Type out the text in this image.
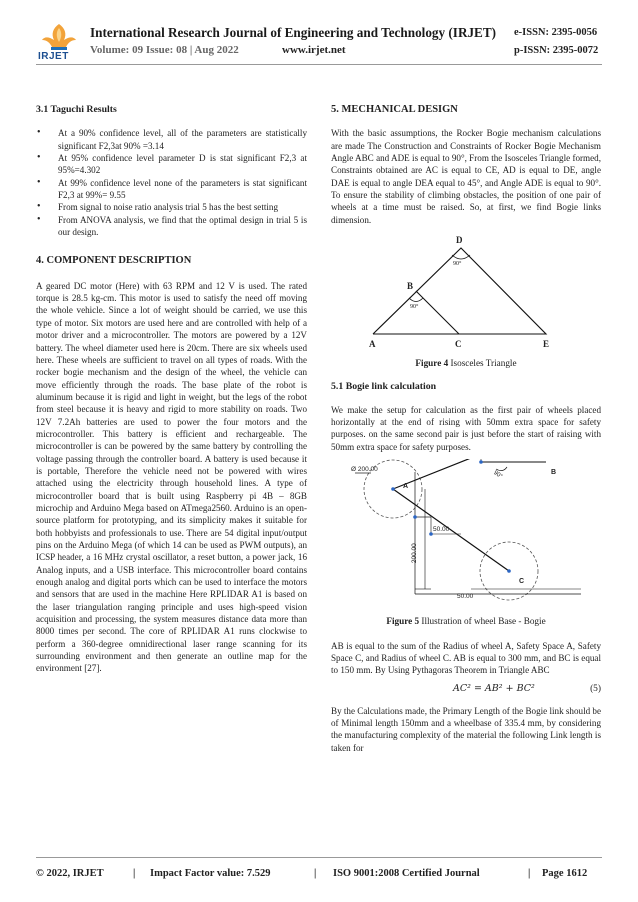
IRJET
International Research Journal of Engineering and Technology (IRJET) e-ISSN: 2395-0056
Volume: 09 Issue: 08 | Aug 2022	www.irjet.net	p-ISSN: 2395-0072
3.1 Taguchi Results
• At a 90% confidence level, all of the parameters are statistically significant F2,3at 90% =3.14
• At 95% confidence level parameter D is stat significant F2,3 at 95%=4.302
• At 99% confidence level none of the parameters is stat significant F2,3 at 99%= 9.55
• From signal to noise ratio analysis trial 5 has the best setting
• From ANOVA analysis, we find that the optimal design in trial 5 is our design.
4. COMPONENT DESCRIPTION
A geared DC motor (Here) with 63 RPM and 12 V is used. The rated torque is 28.5 kg-cm. This motor is used to satisfy the need off moving the whole vehicle. Since a lot of weight should be carried, we use this type of motor. Six motors are used here and are controlled with help of a motor driver and a microcontroller. The motors are powered by a 12V battery. The wheel diameter used here is 20cm. There are six wheels used here. These wheels are sufficient to travel on all types of roads. With the rocker bogie mechanism and the design of the wheel, the vehicle can move efficiently through the roads. The base plate of the robot is aluminum because it is rigid and light in weight, but the legs of the robot from steel because it is heavy and rigid to more stability on roads. Two 12V 7.2Ah batteries are used to power the four motors and the microcontroller. This battery is efficient and rechargeable. The microcontroller is can be powered by the same battery by controlling the voltage passing through the controller board. A battery is used because it is portable, Therefore the vehicle need not be powered with wires attached using the electricity through household lines. A type of microcontroller board that is built using Raspberry pi 4B – 8GB microchip and Arduino Mega based on ATmega2560. Arduino is an open-source platform for prototyping, and its simplicity makes it suitable for both hobbyists and professionals to use. There are 54 digital input/output pins on the Arduino Mega (of which 14 can be used as PWM outputs), an ICSP header, a 16 MHz crystal oscillator, a reset button, a power jack, 16 Analog inputs, and a USB interface. This microcontroller board contains enough analog and digital ports which can be used to interface the motors and sensors that are used in the machine Here RPLIDAR A1 is based on the laser triangulation ranging principle and uses high-speed vision acquisition and processing, the system measures distance data more than 8000 times per second. The core of RPLIDAR A1 runs clockwise to perform a 360-degree omnidirectional laser range scanning for its surrounding environment and then generate an outline map for the environment [27].
5. MECHANICAL DESIGN
With the basic assumptions, the Rocker Bogie mechanism calculations are made The Construction and Constraints of Rocker Bogie Mechanism Angle ABC and ADE is equal to 90°, From the Isosceles Triangle formed, Constraints obtained are AC is equal to CE, AD is equal to DE, angle DAE is equal to angle DEA equal to 45°, and Angle ADE is equal to 90°. To ensure the stability of climbing obstacles, the position of one pair of wheels at a time must be raised. So, at first, we find Bogie links dimension.
D
B
A	C	E
90°
90°
Figure 4 Isosceles Triangle
5.1 Bogie link calculation
We make the setup for calculation as the first pair of wheels placed horizontally at the end of rising with 50mm extra space for safety purposes. on the same second pair is just before the start of raising with 50mm extra space for safety purposes.
Ø 200.00
A
B
C
90°
50.00
50.00
200.00
Figure 5 Illustration of wheel Base - Bogie
AB is equal to the sum of the Radius of wheel A, Safety Space A, Safety Space C, and Radius of wheel C. AB is equal to 300 mm, and BC is equal to 150 mm. By Using Pythagoras Theorem in Triangle ABC
AC² = AB² + BC²	(5)
By the Calculations made, the Primary Length of the Bogie link should be of Minimal length 150mm and a wheelbase of 335.4 mm, by considering the manufacturing complexity of the material the following Link length is taken for
© 2022, IRJET	| Impact Factor value: 7.529	| ISO 9001:2008 Certified Journal	| Page 1612
